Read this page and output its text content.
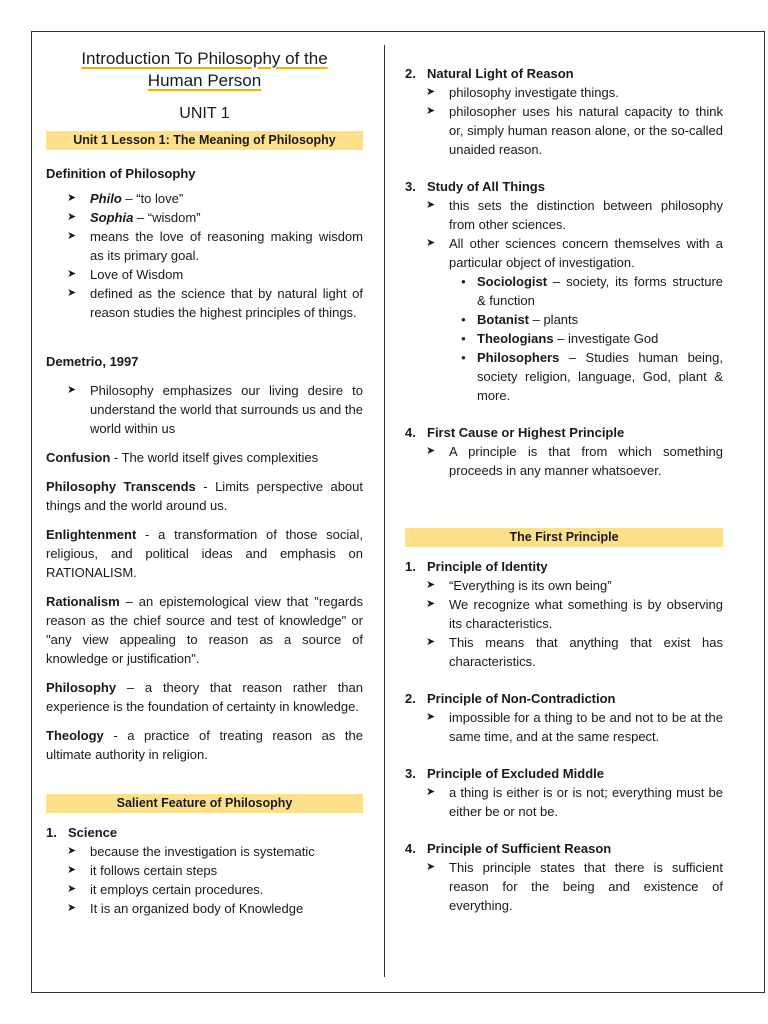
Introduction To Philosophy of the
Human Person
UNIT 1
Unit 1 Lesson 1: The Meaning of Philosophy
Definition of Philosophy
➤ Philo – “to love”
➤ Sophia – “wisdom”
➤ means the love of reasoning making wisdom as its primary goal.
➤ Love of Wisdom
➤ defined as the science that by natural light of reason studies the highest principles of things.
Demetrio, 1997
➤ Philosophy emphasizes our living desire to understand the world that surrounds us and the world within us
Confusion - The world itself gives complexities
Philosophy Transcends - Limits perspective about things and the world around us.
Enlightenment - a transformation of those social, religious, and political ideas and emphasis on RATIONALISM.
Rationalism – an epistemological view that "regards reason as the chief source and test of knowledge" or "any view appealing to reason as a source of knowledge or justification".
Philosophy – a theory that reason rather than experience is the foundation of certainty in knowledge.
Theology - a practice of treating reason as the ultimate authority in religion.
Salient Feature of Philosophy
1. Science
➤ because the investigation is systematic
➤ it follows certain steps
➤ it employs certain procedures.
➤ It is an organized body of Knowledge
2. Natural Light of Reason
➤ philosophy investigate things.
➤ philosopher uses his natural capacity to think or, simply human reason alone, or the so-called unaided reason.
3. Study of All Things
➤ this sets the distinction between philosophy from other sciences.
➤ All other sciences concern themselves with a particular object of investigation.
● Sociologist – society, its forms structure & function
● Botanist – plants
● Theologians – investigate God
● Philosophers – Studies human being, society religion, language, God, plant & more.
4. First Cause or Highest Principle
➤ A principle is that from which something proceeds in any manner whatsoever.
The First Principle
1. Principle of Identity
➤ “Everything is its own being”
➤ We recognize what something is by observing its characteristics.
➤ This means that anything that exist has characteristics.
2. Principle of Non-Contradiction
➤ impossible for a thing to be and not to be at the same time, and at the same respect.
3. Principle of Excluded Middle
➤ a thing is either is or is not; everything must be either be or not be.
4. Principle of Sufficient Reason
➤ This principle states that there is sufficient reason for the being and existence of everything.
